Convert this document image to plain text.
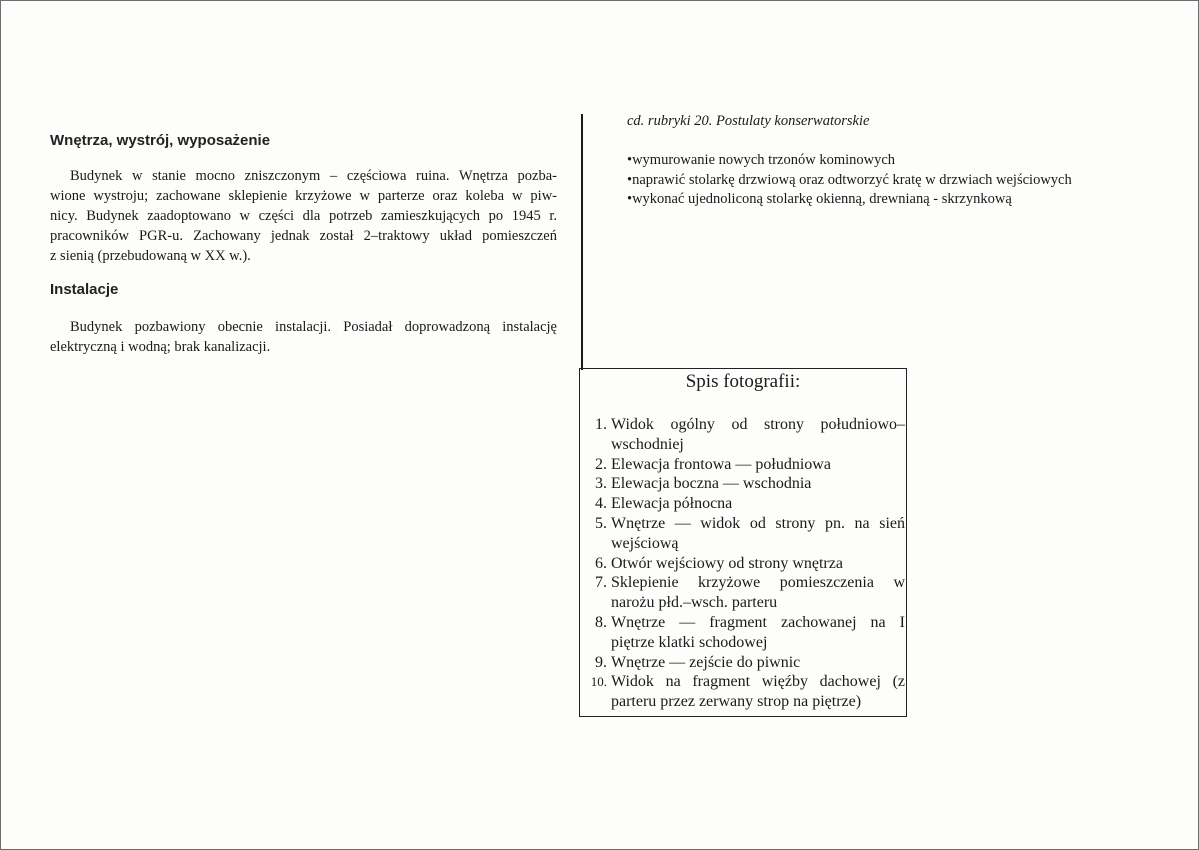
Wnętrza, wystrój, wyposażenie
Budynek w stanie mocno zniszczonym – częściowa ruina. Wnętrza pozba-
wione wystroju; zachowane sklepienie krzyżowe w parterze oraz koleba w piw-
nicy. Budynek zaadoptowano w części dla potrzeb zamieszkujących po 1945 r.
pracowników PGR-u. Zachowany jednak został 2–traktowy układ pomieszczeń
z sienią (przebudowaną w XX w.).
Instalacje
Budynek pozbawiony obecnie instalacji. Posiadał doprowadzoną instalację
elektryczną i wodną; brak kanalizacji.
cd. rubryki 20. Postulaty konserwatorskie
•wymurowanie nowych trzonów kominowych
•naprawić stolarkę drzwiową oraz odtworzyć kratę w drzwiach wejściowych
•wykonać ujednoliconą stolarkę okienną, drewnianą - skrzynkową
Spis fotografii:
1. Widok ogólny od strony południowo–
wschodniej
2. Elewacja frontowa — południowa
3. Elewacja boczna — wschodnia
4. Elewacja północna
5. Wnętrze — widok od strony pn. na sień
wejściową
6. Otwór wejściowy od strony wnętrza
7. Sklepienie krzyżowe pomieszczenia w
narożu płd.–wsch. parteru
8. Wnętrze — fragment zachowanej na I
piętrze klatki schodowej
9. Wnętrze — zejście do piwnic
10. Widok na fragment więźby dachowej (z
parteru przez zerwany strop na piętrze)
